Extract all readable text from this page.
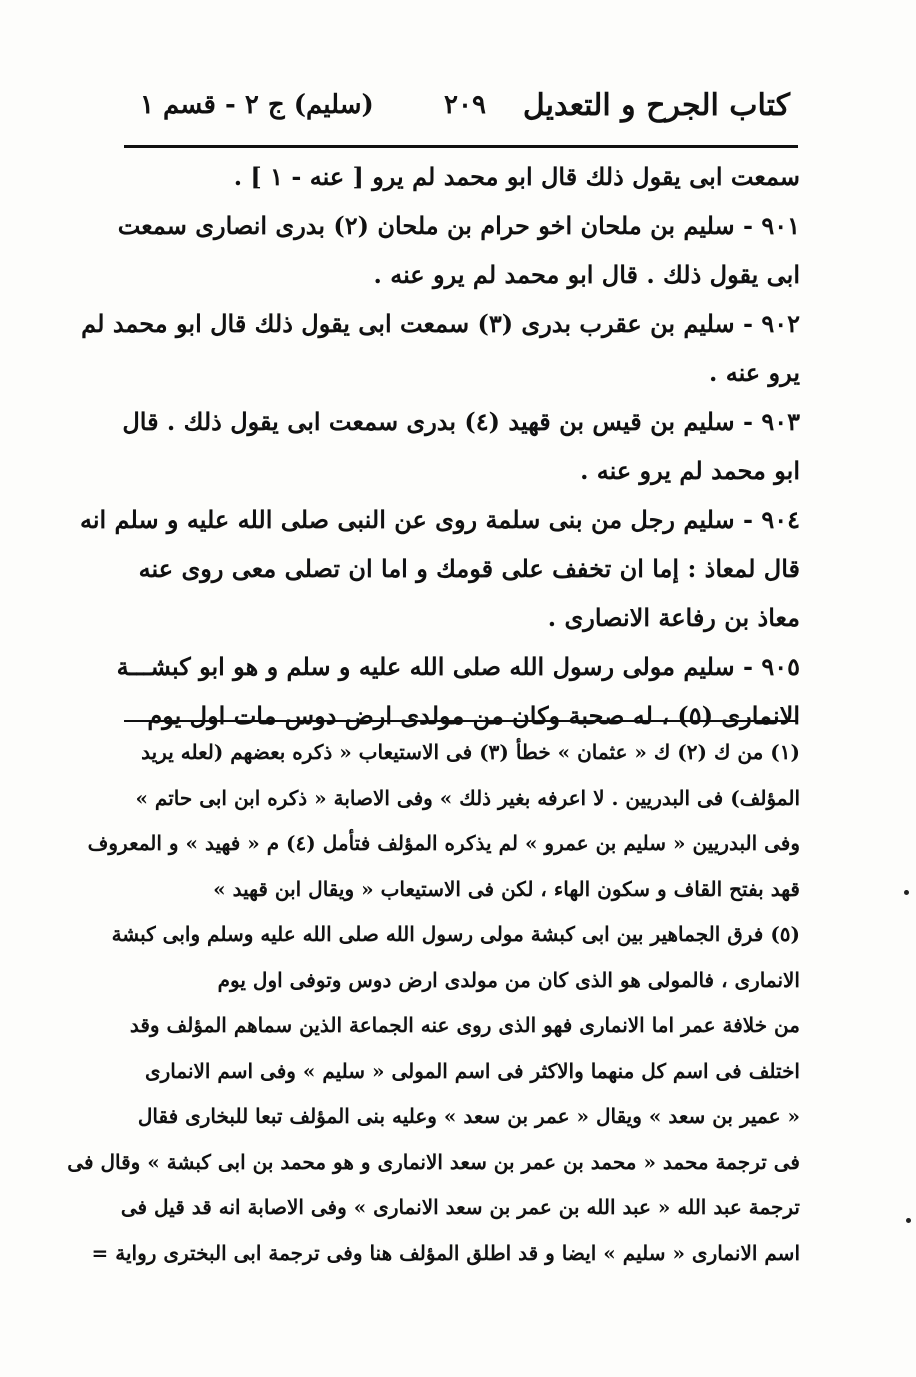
كتاب الجرح و التعديل
٢٠٩
(سليم) ج ٢ - قسم ١
سمعت ابى يقول ذلك قال ابو محمد لم يرو [ عنه - ١ ] .
٩٠١ - سليم بن ملحان اخو حرام بن ملحان (٢) بدرى انصارى سمعت
ابى يقول ذلك . قال ابو محمد لم يرو عنه .
٩٠٢ - سليم بن عقرب بدرى (٣) سمعت ابى يقول ذلك قال ابو محمد لم
يرو عنه .
٩٠٣ - سليم بن قيس بن قهيد (٤) بدرى سمعت ابى يقول ذلك . قال
ابو محمد لم يرو عنه .
٩٠٤ - سليم رجل من بنى سلمة روى عن النبى صلى الله عليه و سلم انه
قال لمعاذ : إما ان تخفف على قومك و اما ان تصلى معى روى عنه
معاذ بن رفاعة الانصارى .
٩٠٥ - سليم مولى رسول الله صلى الله عليه و سلم و هو ابو كبشـــة
الانمارى (٥) ، له صحبة وكان من مولدى ارض دوس مات اول يوم
(١) من ك (٢) ك « عثمان » خطأ (٣) فى الاستيعاب « ذكره بعضهم (لعله يريد
المؤلف) فى البدريين . لا اعرفه بغير ذلك » وفى الاصابة « ذكره ابن ابى حاتم »
وفى البدريين « سليم بن عمرو » لم يذكره المؤلف فتأمل (٤) م « فهيد » و المعروف
قهد بفتح القاف و سكون الهاء ، لكن فى الاستيعاب « ويقال ابن قهيد »
(٥) فرق الجماهير بين ابى كبشة مولى رسول الله صلى الله عليه وسلم وابى كبشة
الانمارى ، فالمولى هو الذى كان من مولدى ارض دوس وتوفى اول يوم
من خلافة عمر اما الانمارى فهو الذى روى عنه الجماعة الذين سماهم المؤلف وقد
اختلف فى اسم كل منهما والاكثر فى اسم المولى « سليم » وفى اسم الانمارى
« عمير بن سعد » ويقال « عمر بن سعد » وعليه بنى المؤلف تبعا للبخارى فقال
فى ترجمة محمد « محمد بن عمر بن سعد الانمارى و هو محمد بن ابى كبشة » وقال فى
ترجمة عبد الله « عبد الله بن عمر بن سعد الانمارى » وفى الاصابة انه قد قيل فى
اسم الانمارى « سليم » ايضا و قد اطلق المؤلف هنا وفى ترجمة ابى البخترى رواية =
